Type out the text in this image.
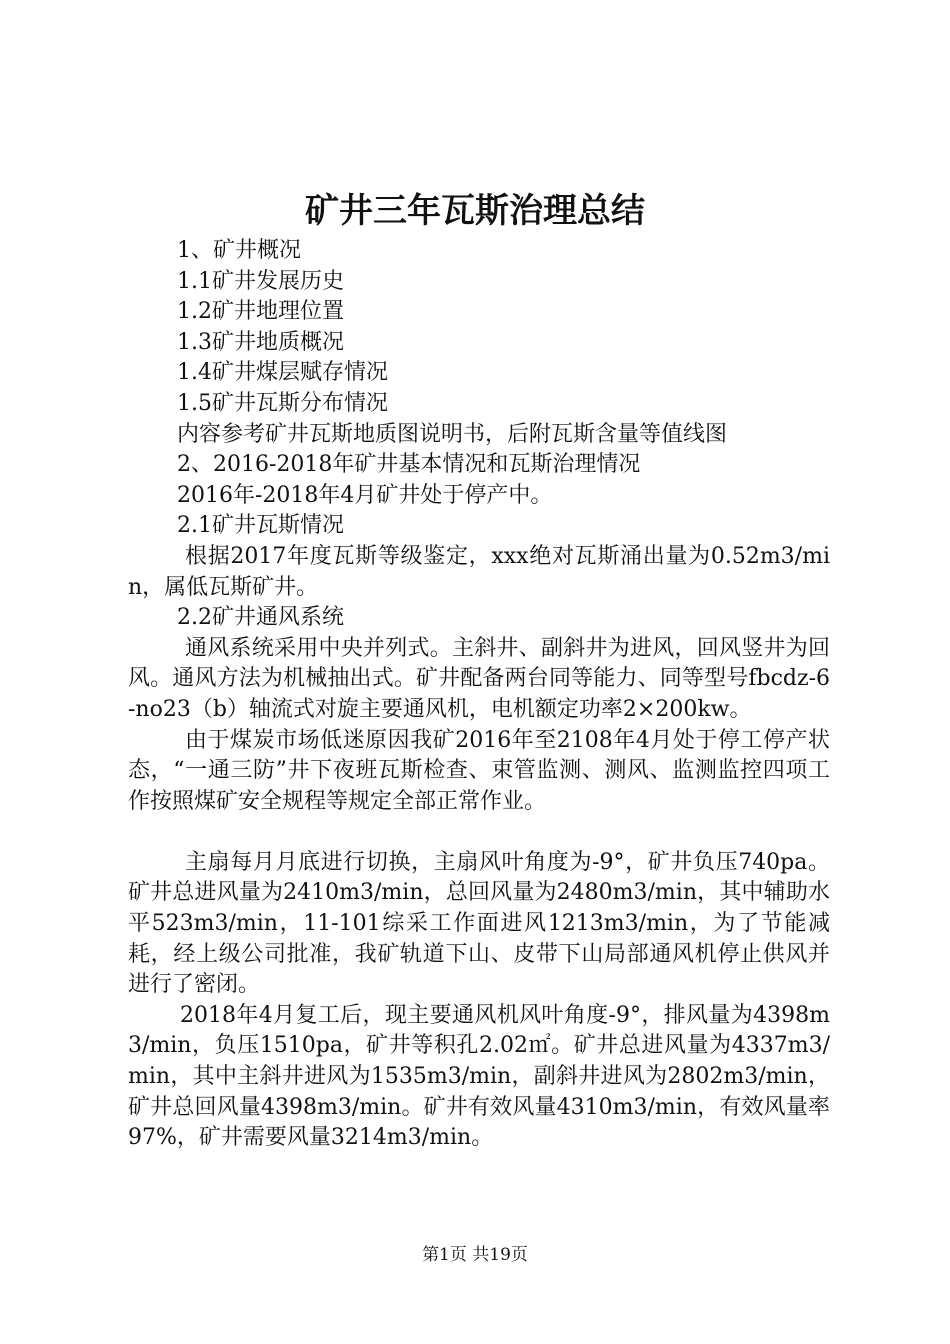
矿井三年瓦斯治理总结
1、矿井概况
1.1矿井发展历史
1.2矿井地理位置
1.3矿井地质概况
1.4矿井煤层赋存情况
1.5矿井瓦斯分布情况
内容参考矿井瓦斯地质图说明书，后附瓦斯含量等值线图
2、2016-2018年矿井基本情况和瓦斯治理情况
2016年-2018年4月矿井处于停产中。
2.1矿井瓦斯情况

根据2017年度瓦斯等级鉴定，xxx绝对瓦斯涌出量为0.52m3/min，属低瓦斯矿井。

2.2矿井通风系统

通风系统采用中央并列式。主斜井、副斜井为进风，回风竖井为回风。通风方法为机械抽出式。矿井配备两台同等能力、同等型号fbcdz-6-no23（b）轴流式对旋主要通风机，电机额定功率2×200kw。

由于煤炭市场低迷原因我矿2016年至2108年4月处于停工停产状态，“一通三防”井下夜班瓦斯检查、束管监测、测风、监测监控四项工作按照煤矿安全规程等规定全部正常作业。

主扇每月月底进行切换，主扇风叶角度为-9°，矿井负压740pa。矿井总进风量为2410m3/min，总回风量为2480m3/min，其中辅助水平523m3/min，11-101综采工作面进风1213m3/min，为了节能减耗，经上级公司批准，我矿轨道下山、皮带下山局部通风机停止供风并进行了密闭。

2018年4月复工后，现主要通风机风叶角度-9°，排风量为4398m3/min，负压1510pa，矿井等积孔2.02㎡。矿井总进风量为4337m3/min，其中主斜井进风为1535m3/min，副斜井进风为2802m3/min，矿井总回风量4398m3/min。矿井有效风量4310m3/min，有效风量率97%，矿井需要风量3214m3/min。

第1页 共19页
